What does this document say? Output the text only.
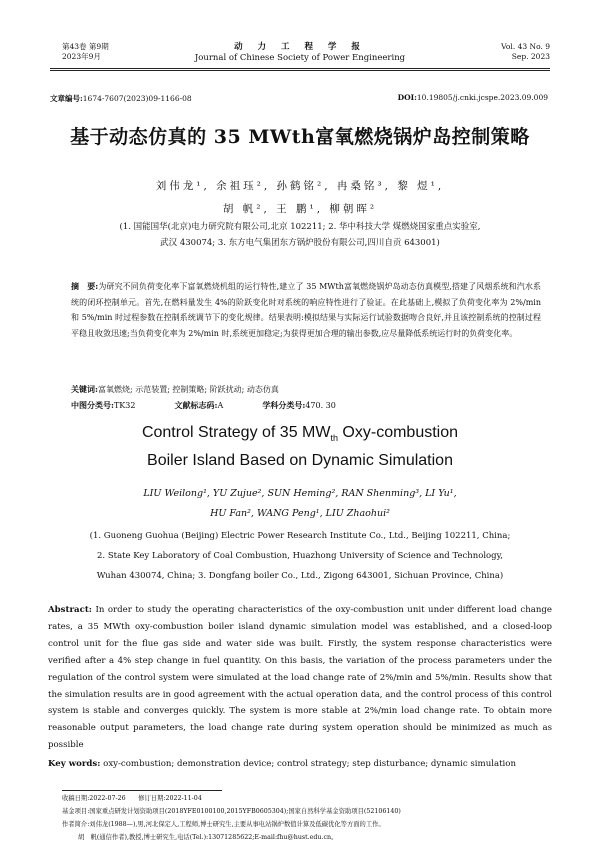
第43卷 第9期
2023年9月
动 力 工 程 学 报
Journal of Chinese Society of Power Engineering
Vol. 43 No. 9
Sep. 2023
文章编号:1674-7607(2023)09-1166-08	DOI:10.19805/j.cnki.jcspe.2023.09.009
基于动态仿真的 35 MWth富氧燃烧锅炉岛控制策略
刘伟龙¹, 余祖珏², 孙鹤铭², 冉桑铭³, 黎 煜¹,
胡 帆², 王 鹏¹, 柳朝晖²
(1. 国能国华(北京)电力研究院有限公司,北京 102211; 2. 华中科技大学 煤燃烧国家重点实验室,
武汉 430074; 3. 东方电气集团东方锅炉股份有限公司,四川自贡 643001)
摘　要:为研究不同负荷变化率下富氧燃烧机组的运行特性,建立了 35 MWth富氧燃烧锅炉岛动态仿真模型,搭建了风烟系统和汽水系统的闭环控制单元。首先,在燃料量发生 4%的阶跃变化时对系统的响应特性进行了验证。在此基础上,模拟了负荷变化率为 2%/min 和 5%/min 时过程参数在控制系统调节下的变化规律。结果表明:模拟结果与实际运行试验数据吻合良好,并且该控制系统的控制过程平稳且收敛迅速;当负荷变化率为 2%/min 时,系统更加稳定;为获得更加合理的输出参数,应尽量降低系统运行时的负荷变化率。
关键词:富氧燃烧; 示范装置; 控制策略; 阶跃扰动; 动态仿真
中图分类号:TK32	文献标志码:A	学科分类号:470. 30
Control Strategy of 35 $MW_{th}$ Oxy-combustion
Boiler Island Based on Dynamic Simulation
LIU Weilong¹, YU Zujue², SUN Heming², RAN Shenming³, LI Yu¹,
HU Fan², WANG Peng¹, LIU Zhaohui²
(1. Guoneng Guohua (Beijing) Electric Power Research Institute Co., Ltd., Beijing 102211, China;
2. State Key Laboratory of Coal Combustion, Huazhong University of Science and Technology,
Wuhan 430074, China; 3. Dongfang boiler Co., Ltd., Zigong 643001, Sichuan Province, China)
Abstract: In order to study the operating characteristics of the oxy-combustion unit under different load change rates, a 35 MWth oxy-combustion boiler island dynamic simulation model was established, and a closed-loop control unit for the flue gas side and water side was built. Firstly, the system response characteristics were verified after a 4% step change in fuel quantity. On this basis, the variation of the process parameters under the regulation of the control system were simulated at the load change rate of 2%/min and 5%/min. Results show that the simulation results are in good agreement with the actual operation data, and the control process of this control system is stable and converges quickly. The system is more stable at 2%/min load change rate. To obtain more reasonable output parameters, the load change rate during system operation should be minimized as much as possible
Key words: oxy-combustion; demonstration device; control strategy; step disturbance; dynamic simulation
收稿日期:2022-07-26　　修订日期:2022-11-04
基金项目:国家重点研发计划资助项目(2018YFE0100100,2015YFB0605304);国家自然科学基金资助项目(52106140)
作者简介:刘伟龙(1988—),男,河北保定人,工程师,博士研究生,主要从事电站锅炉数值计算及低碳优化等方面的工作。
胡　帆(通信作者),教授,博士研究生,电话(Tel.):13071285622;E-mail:fhu@hust.edu.cn。
